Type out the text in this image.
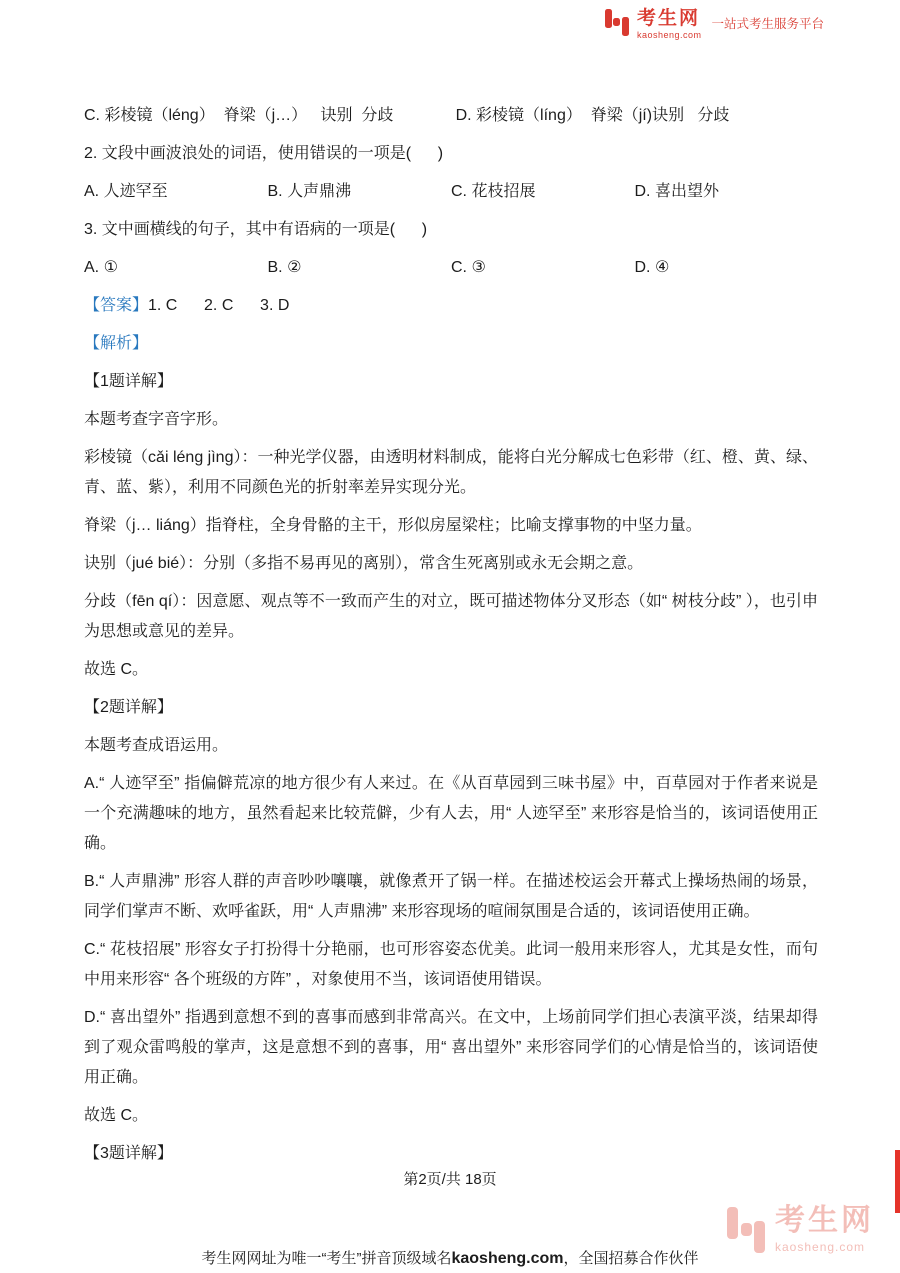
考生网
kaosheng.com
一站式考生服务平台
C. 彩棱镜（léng）  脊梁（j…）   诀别  分歧              D. 彩棱镜（líng）  脊梁（jí)诀别   分歧
2. 文段中画波浪处的词语，使用错误的一项是(      )
A. 人迹罕至	B. 人声鼎沸	C. 花枝招展	D. 喜出望外
3. 文中画横线的句子，其中有语病的一项是(      )
A. ①	B. ②	C. ③	D. ④
【答案】1. C      2. C      3. D
【解析】
【1题详解】
本题考查字音字形。
彩棱镜（cǎi léng jìng）：一种光学仪器，由透明材料制成，能将白光分解成七色彩带（红、橙、黄、绿、青、蓝、紫），利用不同颜色光的折射率差异实现分光。
脊梁（j… liáng）指脊柱，全身骨骼的主干，形似房屋梁柱；比喻支撑事物的中坚力量。
诀别（jué bié）：分别（多指不易再见的离别），常含生死离别或永无会期之意。
分歧（fēn qí）：因意愿、观点等不一致而产生的对立，既可描述物体分叉形态（如“ 树枝分歧” ），也引申为思想或意见的差异。
故选 C。
【2题详解】
本题考查成语运用。
A.“ 人迹罕至” 指偏僻荒凉的地方很少有人来过。在《从百草园到三味书屋》中，百草园对于作者来说是一个充满趣味的地方，虽然看起来比较荒僻，少有人去，用“ 人迹罕至” 来形容是恰当的，该词语使用正确。
B.“ 人声鼎沸” 形容人群的声音吵吵嚷嚷，就像煮开了锅一样。在描述校运会开幕式上操场热闹的场景，同学们掌声不断、欢呼雀跃，用“ 人声鼎沸” 来形容现场的喧闹氛围是合适的，该词语使用正确。
C.“ 花枝招展” 形容女子打扮得十分艳丽，也可形容姿态优美。此词一般用来形容人，尤其是女性，而句中用来形容“ 各个班级的方阵” ，对象使用不当，该词语使用错误。
D.“ 喜出望外” 指遇到意想不到的喜事而感到非常高兴。在文中，上场前同学们担心表演平淡，结果却得到了观众雷鸣般的掌声，这是意想不到的喜事，用“ 喜出望外” 来形容同学们的心情是恰当的，该词语使用正确。
故选 C。
【3题详解】
第2页/共 18页
考生网
kaosheng.com
考生网网址为唯一“考生”拼音顶级域名kaosheng.com，全国招募合作伙伴
